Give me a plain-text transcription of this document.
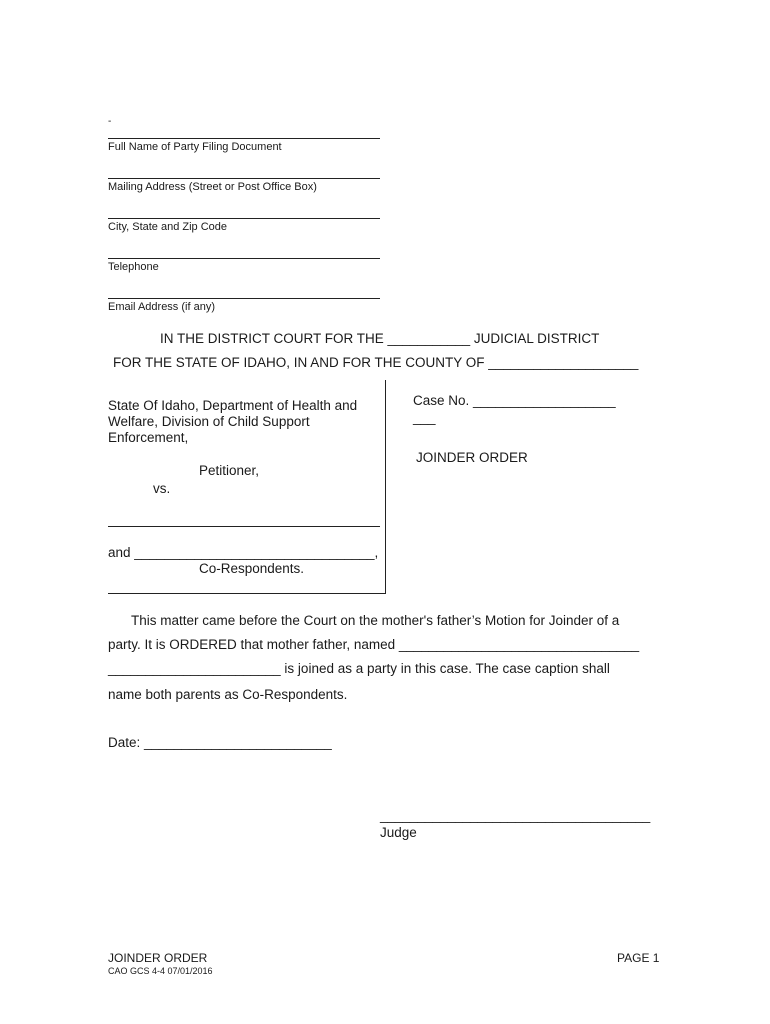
-
Full Name of Party Filing Document
Mailing Address (Street or Post Office Box)
City, State and Zip Code
Telephone
Email Address (if any)
IN THE DISTRICT COURT FOR THE ___________ JUDICIAL DISTRICT
FOR THE STATE OF IDAHO, IN AND FOR THE COUNTY OF ____________________
State Of Idaho, Department of Health and
Welfare, Division of Child Support
Enforcement,
Petitioner,
vs.
and ________________________________,
Co-Respondents.
Case No. ___________________
___
JOINDER ORDER
This matter came before the Court on the mother's father’s Motion for Joinder of a
party. It is ORDERED that mother father, named ________________________________
_______________________ is joined as a party in this case. The case caption shall
name both parents as Co-Respondents.
Date: _________________________
____________________________________
Judge
JOINDER ORDER
CAO GCS 4-4 07/01/2016
PAGE 1
